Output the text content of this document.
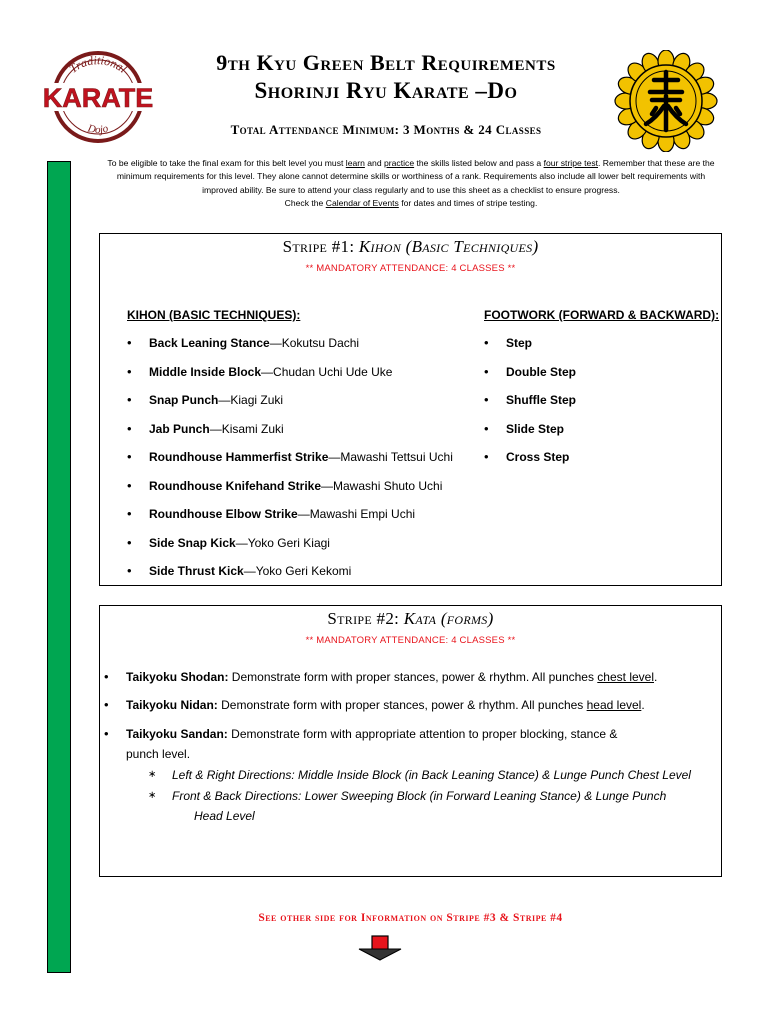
Traditional
KARATE
Dojo
9th Kyu Green Belt Requirements
Shorinji Ryu Karate –Do
Total Attendance Minimum: 3 Months & 24 Classes
To be eligible to take the final exam for this belt level you must learn and practice the skills listed below and pass a four stripe test. Remember that these are the minimum requirements for this level. They alone cannot determine skills or worthiness of a rank. Requirements also include all lower belt requirements with improved ability. Be sure to attend your class regularly and to use this sheet as a checklist to ensure progress.
Check the Calendar of Events for dates and times of stripe testing.
Stripe #1: Kihon (Basic Techniques)
** MANDATORY ATTENDANCE: 4 CLASSES **
KIHON (BASIC TECHNIQUES):
• Back Leaning Stance—Kokutsu Dachi
• Middle Inside Block—Chudan Uchi Ude Uke
• Snap Punch—Kiagi Zuki
• Jab Punch—Kisami Zuki
• Roundhouse Hammerfist Strike—Mawashi Tettsui Uchi
• Roundhouse Knifehand Strike—Mawashi Shuto Uchi
• Roundhouse Elbow Strike—Mawashi Empi Uchi
• Side Snap Kick—Yoko Geri Kiagi
• Side Thrust Kick—Yoko Geri Kekomi
FOOTWORK (FORWARD & BACKWARD):
• Step
• Double Step
• Shuffle Step
• Slide Step
• Cross Step
Stripe #2: Kata (forms)
** MANDATORY ATTENDANCE: 4 CLASSES **
• Taikyoku Shodan: Demonstrate form with proper stances, power & rhythm. All punches chest level.
• Taikyoku Nidan: Demonstrate form with proper stances, power & rhythm. All punches head level.
• Taikyoku Sandan: Demonstrate form with appropriate attention to proper blocking, stance & punch level.
∗ Left & Right Directions: Middle Inside Block (in Back Leaning Stance) & Lunge Punch Chest Level
∗ Front & Back Directions: Lower Sweeping Block (in Forward Leaning Stance) & Lunge Punch
Head Level
See other side for Information on Stripe #3 & Stripe #4
